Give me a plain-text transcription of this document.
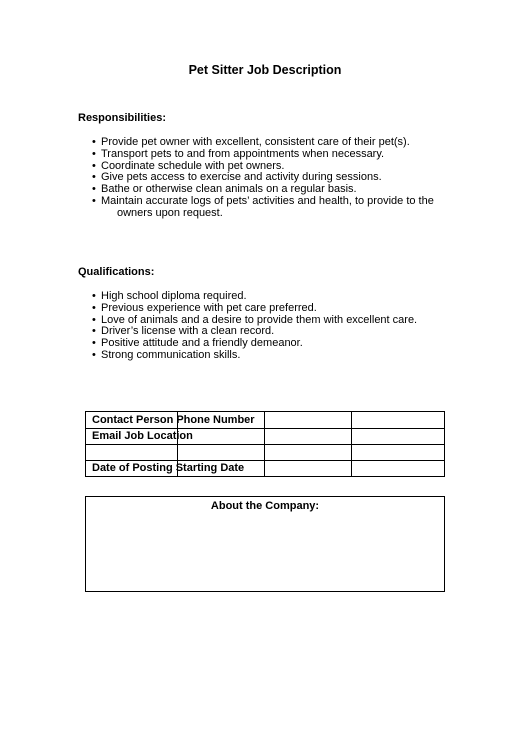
Pet Sitter Job Description
Responsibilities:
• Provide pet owner with excellent, consistent care of their pet(s).
• Transport pets to and from appointments when necessary.
• Coordinate schedule with pet owners.
• Give pets access to exercise and activity during sessions.
• Bathe or otherwise clean animals on a regular basis.
• Maintain accurate logs of pets’ activities and health, to provide to the
owners upon request.
Qualifications:
• High school diploma required.
• Previous experience with pet care preferred.
• Love of animals and a desire to provide them with excellent care.
• Driver’s license with a clean record.
• Positive attitude and a friendly demeanor.
• Strong communication skills.
Contact Person Phone Number
Email Job Location
Date of Posting Starting Date
About the Company:
